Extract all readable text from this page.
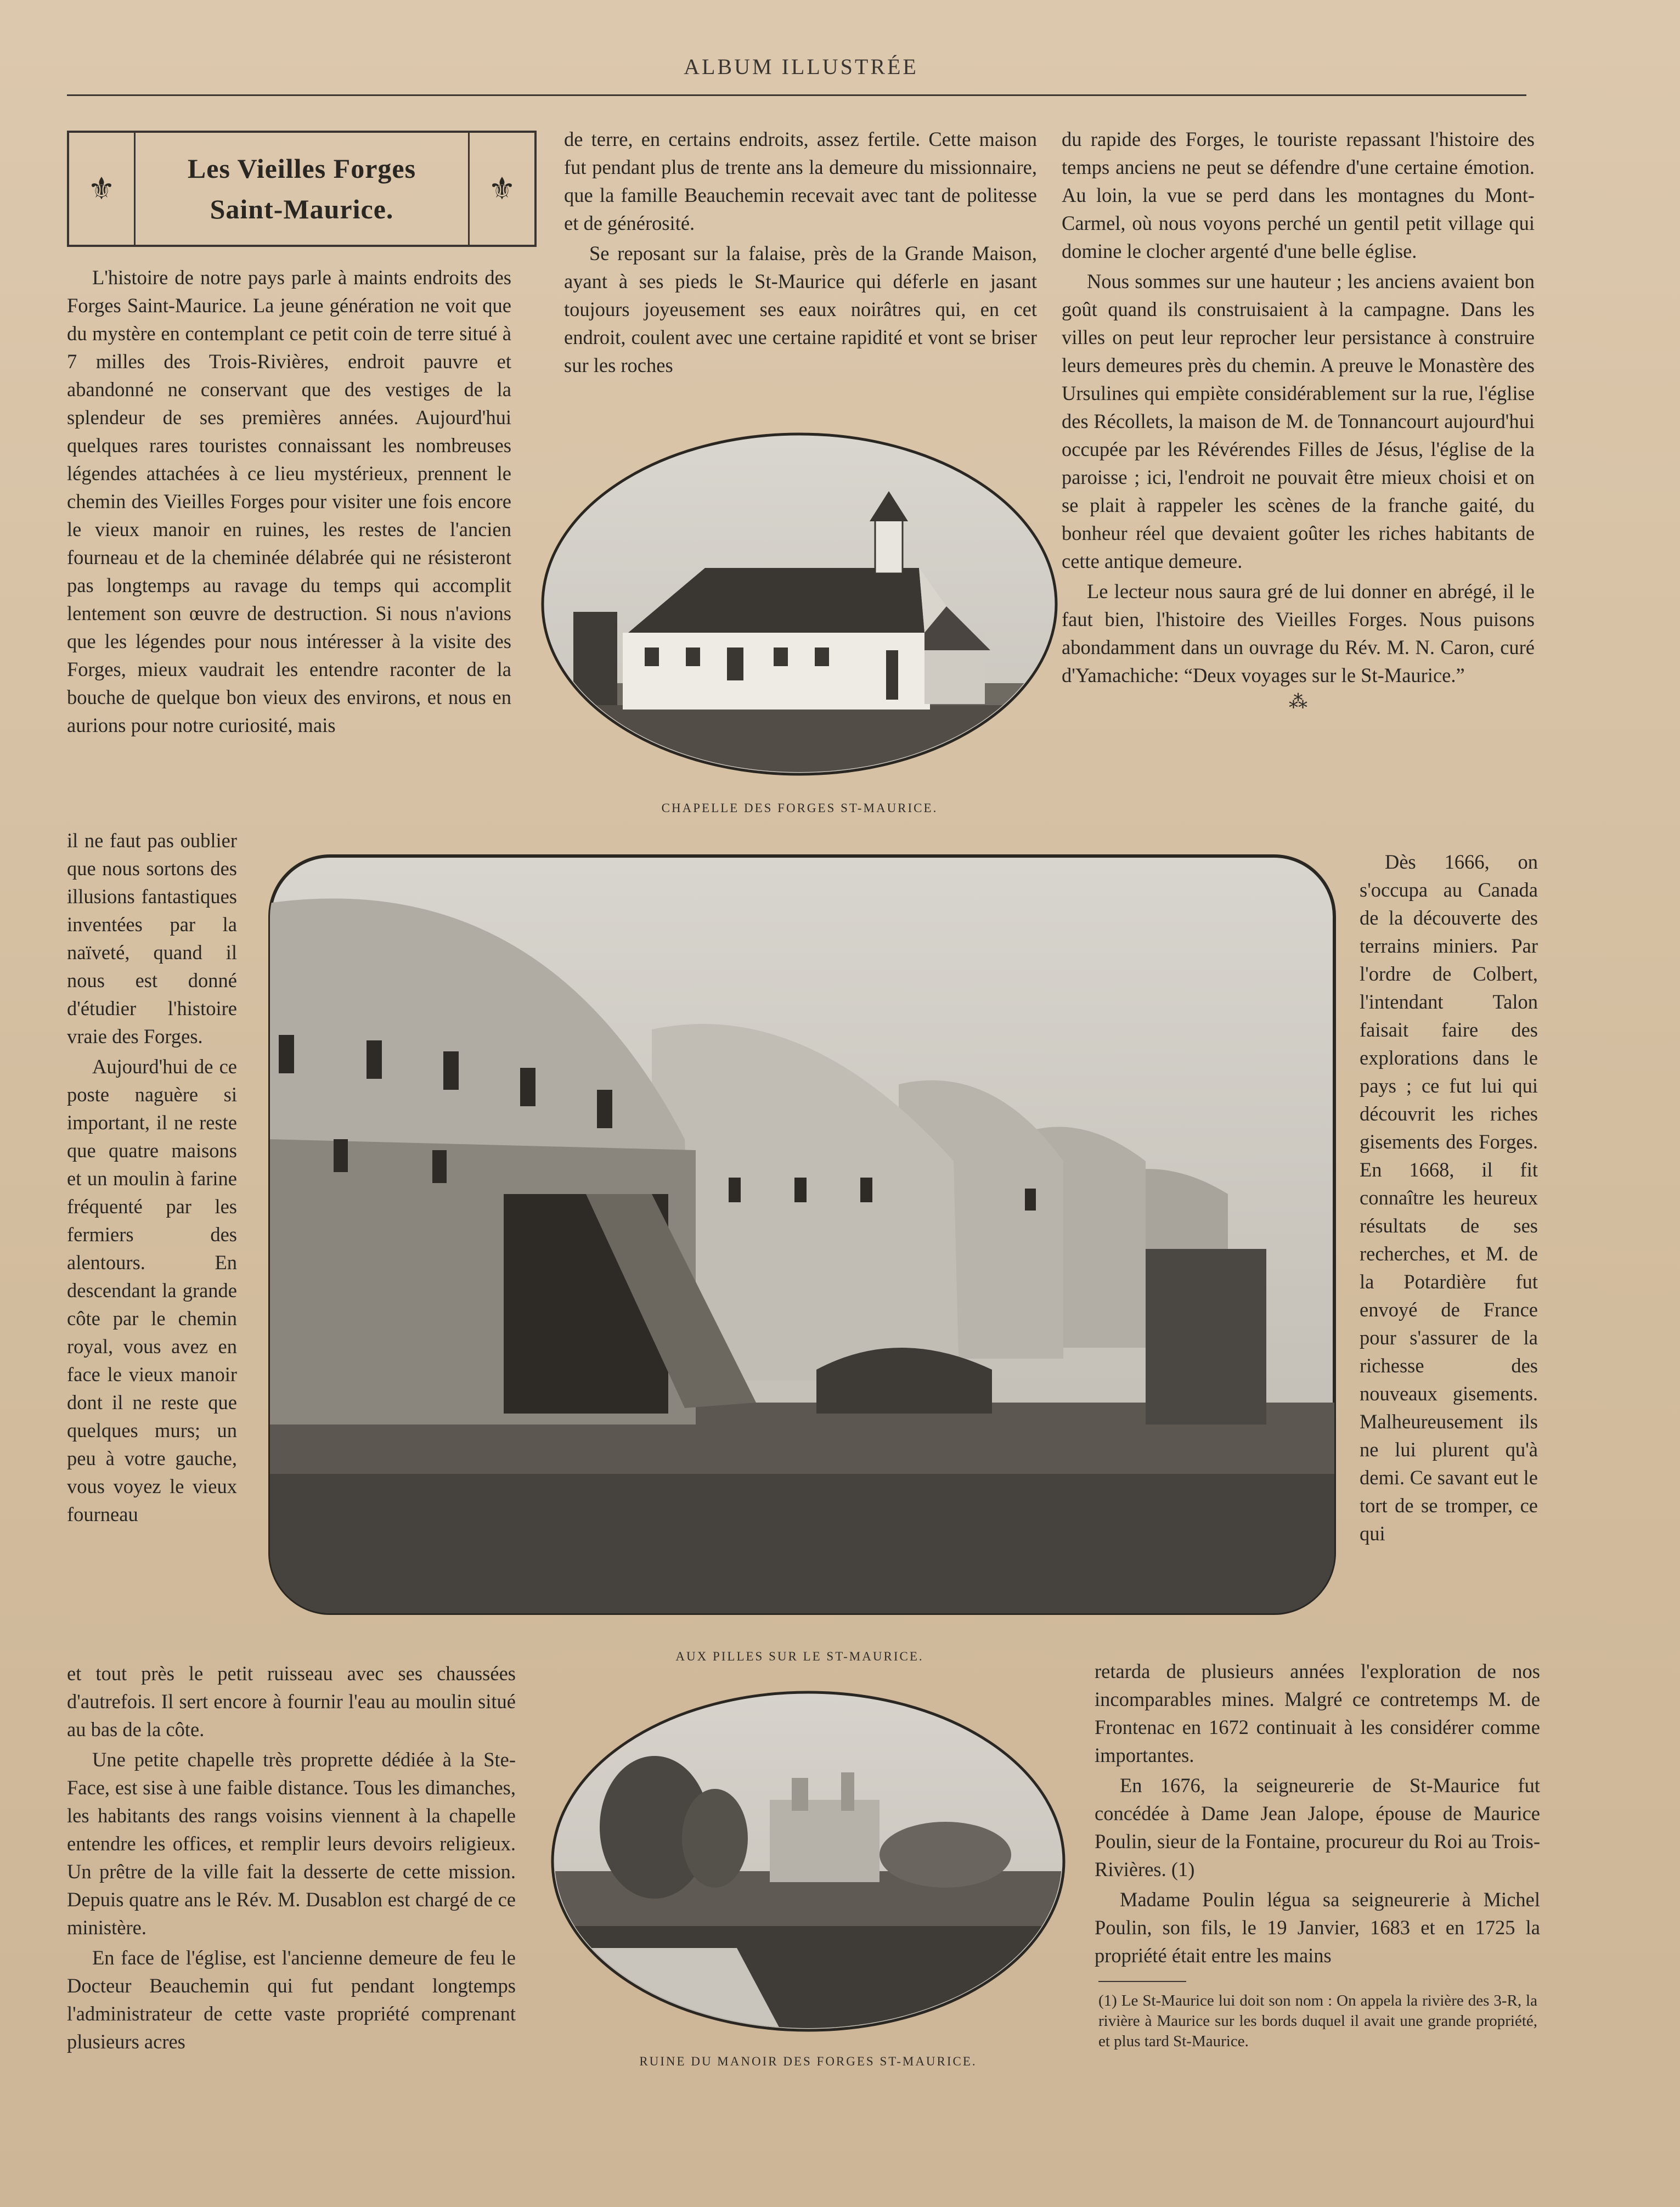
ALBUM ILLUSTRÉE
⚜
Les Vieilles Forges
Saint-Maurice.
⚜

L'histoire de notre pays parle à maints endroits des Forges Saint-Maurice. La jeune génération ne voit que du mystère en contemplant ce petit coin de terre situé à 7 milles des Trois-Rivières, endroit pauvre et abandonné ne conservant que des vestiges de la splendeur de ses premières années. Aujourd'hui quelques rares touristes connaissant les nombreuses légendes attachées à ce lieu mystérieux, prennent le chemin des Vieilles Forges pour visiter une fois encore le vieux manoir en ruines, les restes de l'ancien fourneau et de la cheminée délabrée qui ne résisteront pas longtemps au ravage du temps qui accomplit lentement son œuvre de destruction. Si nous n'avions que les légendes pour nous intéresser à la visite des Forges, mieux vaudrait les entendre raconter de la bouche de quelque bon vieux des environs, et nous en aurions pour notre curiosité, mais

il ne faut pas oublier que nous sortons des illusions fantastiques inventées par la naïveté, quand il nous est donné d'étudier l'histoire vraie des Forges.

Aujourd'hui de ce poste naguère si important, il ne reste que quatre maisons et un moulin à farine fréquenté par les fermiers des alentours. En descendant la grande côte par le chemin royal, vous avez en face le vieux manoir dont il ne reste que quelques murs; un peu à votre gauche, vous voyez le vieux fourneau

et tout près le petit ruisseau avec ses chaussées d'autrefois. Il sert encore à fournir l'eau au moulin situé au bas de la côte.

Une petite chapelle très proprette dédiée à la Ste-Face, est sise à une faible distance. Tous les dimanches, les habitants des rangs voisins viennent à la chapelle entendre les offices, et remplir leurs devoirs religieux. Un prêtre de la ville fait la desserte de cette mission. Depuis quatre ans le Rév. M. Dusablon est chargé de ce ministère.

En face de l'église, est l'ancienne demeure de feu le Docteur Beauchemin qui fut pendant longtemps l'administrateur de cette vaste propriété comprenant plusieurs acres

de terre, en certains endroits, assez fertile. Cette maison fut pendant plus de trente ans la demeure du missionnaire, que la famille Beauchemin recevait avec tant de politesse et de générosité.

Se reposant sur la falaise, près de la Grande Maison, ayant à ses pieds le St-Maurice qui déferle en jasant toujours joyeusement ses eaux noirâtres qui, en cet endroit, coulent avec une certaine rapidité et vont se briser sur les roches

du rapide des Forges, le touriste repassant l'histoire des temps anciens ne peut se défendre d'une certaine émotion. Au loin, la vue se perd dans les montagnes du Mont-Carmel, où nous voyons perché un gentil petit village qui domine le clocher argenté d'une belle église.

Nous sommes sur une hauteur ; les anciens avaient bon goût quand ils construisaient à la campagne. Dans les villes on peut leur reprocher leur persistance à construire leurs demeures près du chemin. A preuve le Monastère des Ursulines qui empiète considérablement sur la rue, l'église des Récollets, la maison de M. de Tonnancourt aujourd'hui occupée par les Révérendes Filles de Jésus, l'église de la paroisse ; ici, l'endroit ne pouvait être mieux choisi et on se plait à rappeler les scènes de la franche gaité, du bonheur réel que devaient goûter les riches habitants de cette antique demeure.

Le lecteur nous saura gré de lui donner en abrégé, il le faut bien, l'histoire des Vieilles Forges. Nous puisons abondamment dans un ouvrage du Rév. M. N. Caron, curé d'Yamachiche: “Deux voyages sur le St-Maurice.”

⁂

Dès 1666, on s'occupa au Canada de la découverte des terrains miniers. Par l'ordre de Colbert, l'intendant Talon faisait faire des explorations dans le pays ; ce fut lui qui découvrit les riches gisements des Forges. En 1668, il fit connaître les heureux résultats de ses recherches, et M. de la Potardière fut envoyé de France pour s'assurer de la richesse des nouveaux gisements. Malheureusement ils ne lui plurent qu'à demi. Ce savant eut le tort de se tromper, ce qui

retarda de plusieurs années l'exploration de nos incomparables mines. Malgré ce contretemps M. de Frontenac en 1672 continuait à les considérer comme importantes.

En 1676, la seigneurerie de St-Maurice fut concédée à Dame Jean Jalope, épouse de Maurice Poulin, sieur de la Fontaine, procureur du Roi au Trois-Rivières. (1)

Madame Poulin légua sa seigneurerie à Michel Poulin, son fils, le 19 Janvier, 1683 et en 1725 la propriété était entre les mains

(1) Le St-Maurice lui doit son nom : On appela la rivière des 3-R, la rivière à Maurice sur les bords duquel il avait une grande propriété, et plus tard St-Maurice.
CHAPELLE DES FORGES ST-MAURICE.
AUX PILLES SUR LE ST-MAURICE.
RUINE DU MANOIR DES FORGES ST-MAURICE.
